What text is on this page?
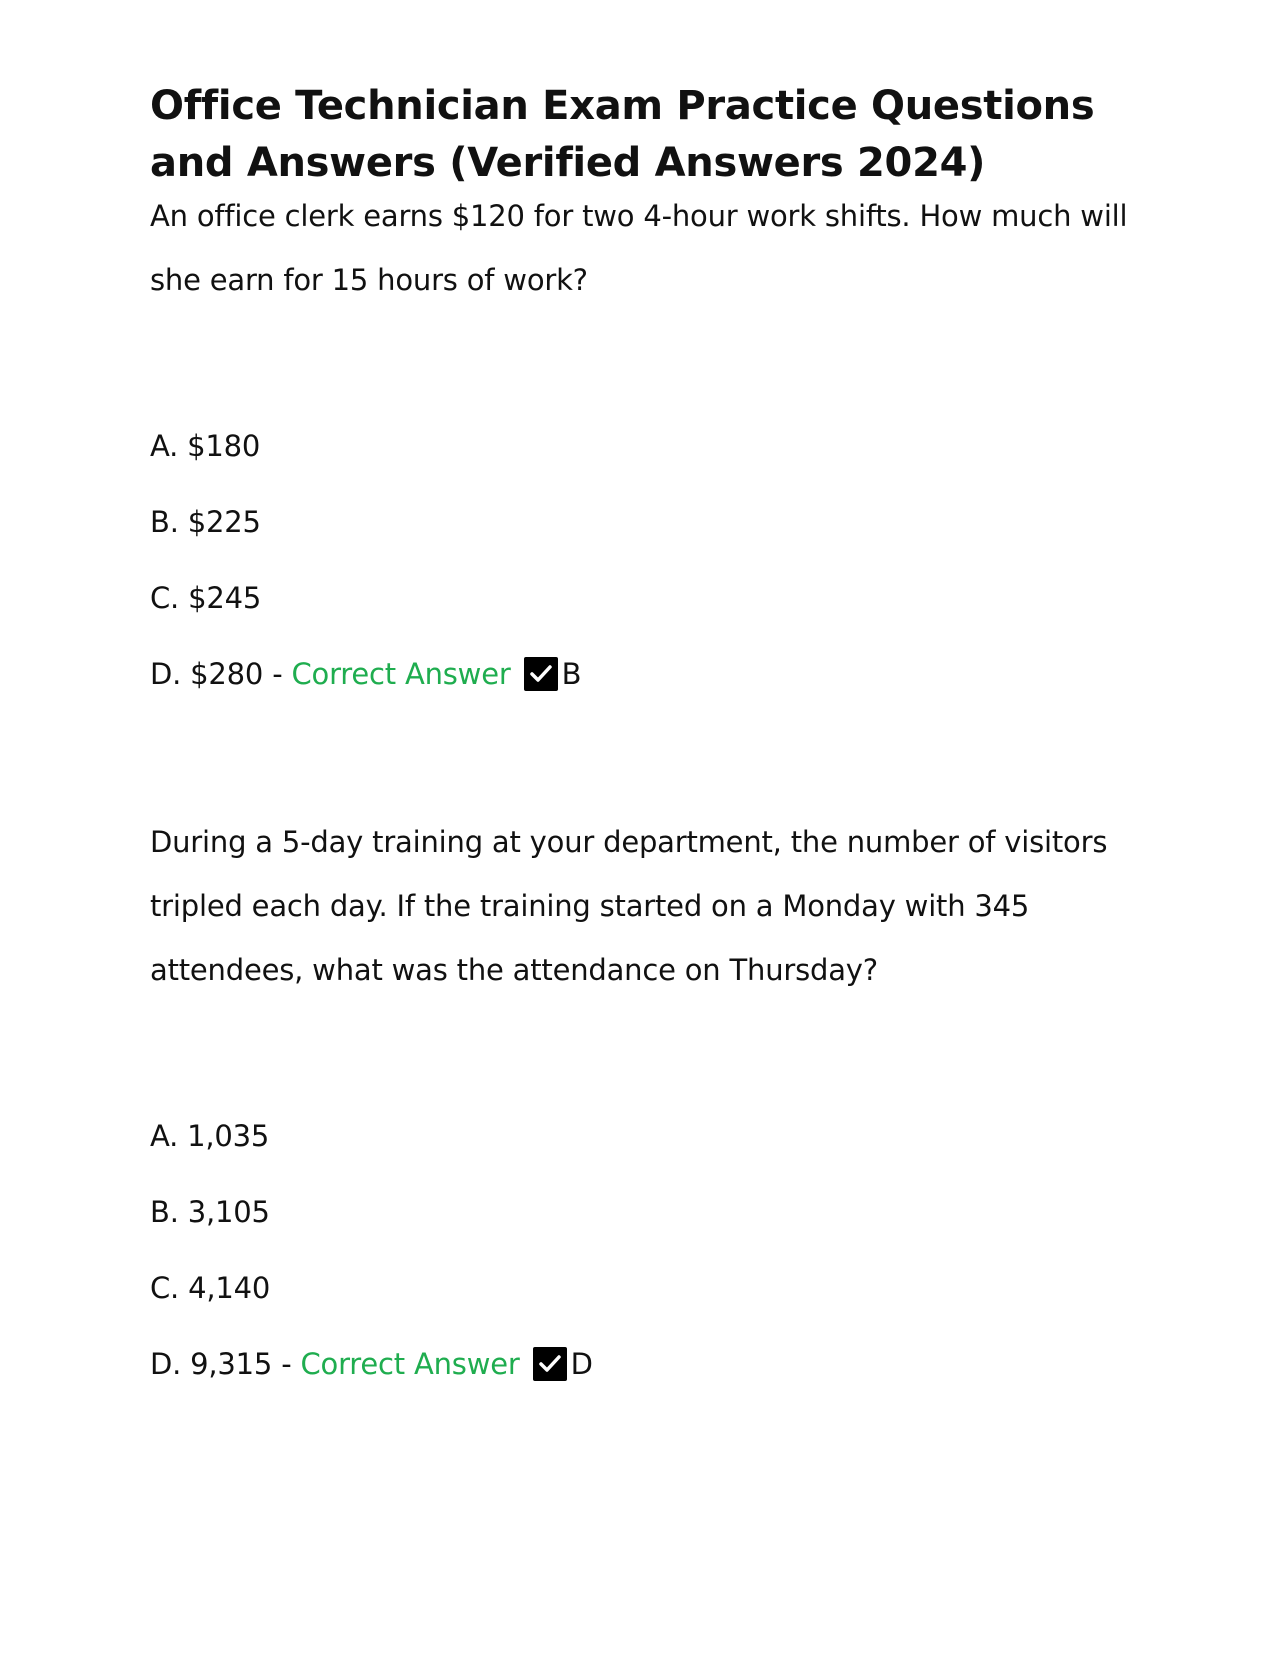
Office Technician Exam Practice Questions and Answers (Verified Answers 2024)

An office clerk earns $120 for two 4-hour work shifts. How much will she earn for 15 hours of work?

A. $180

B. $225

C. $245

D. $280 - Correct Answer B

During a 5-day training at your department, the number of visitors tripled each day. If the training started on a Monday with 345 attendees, what was the attendance on Thursday?

A. 1,035

B. 3,105

C. 4,140

D. 9,315 - Correct Answer D
